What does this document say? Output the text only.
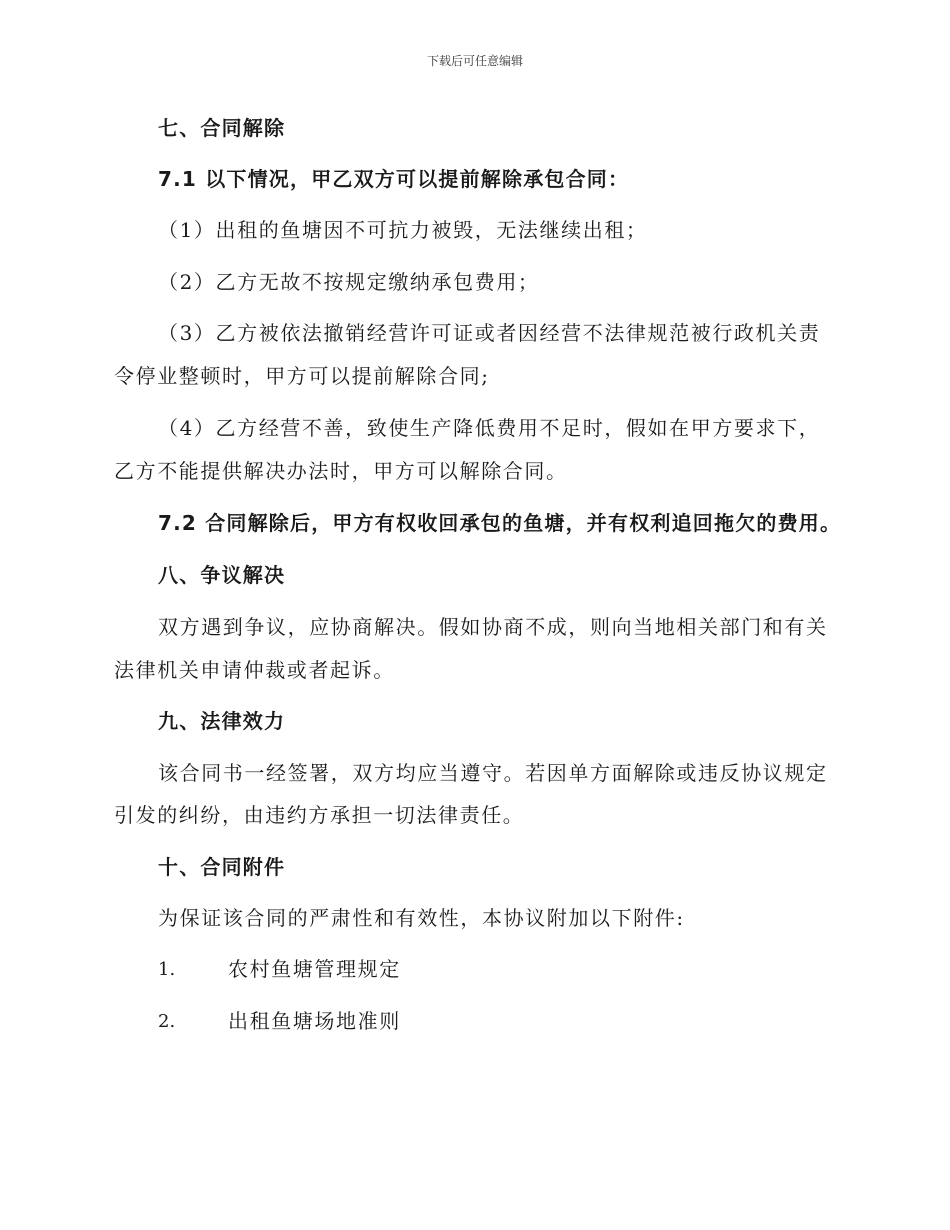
下载后可任意编辑
七、合同解除
7.1 以下情况，甲乙双方可以提前解除承包合同：
（1）出租的鱼塘因不可抗力被毁，无法继续出租；
（2）乙方无故不按规定缴纳承包费用；
（3）乙方被依法撤销经营许可证或者因经营不法律规范被行政机关责
令停业整顿时，甲方可以提前解除合同;
（4）乙方经营不善，致使生产降低费用不足时，假如在甲方要求下，
乙方不能提供解决办法时，甲方可以解除合同。
7.2 合同解除后，甲方有权收回承包的鱼塘，并有权利追回拖欠的费用。
八、争议解决
双方遇到争议，应协商解决。假如协商不成，则向当地相关部门和有关
法律机关申请仲裁或者起诉。
九、法律效力
该合同书一经签署，双方均应当遵守。若因单方面解除或违反协议规定
引发的纠纷，由违约方承担一切法律责任。
十、合同附件
为保证该合同的严肃性和有效性，本协议附加以下附件:
1.	农村鱼塘管理规定
2.	出租鱼塘场地准则
